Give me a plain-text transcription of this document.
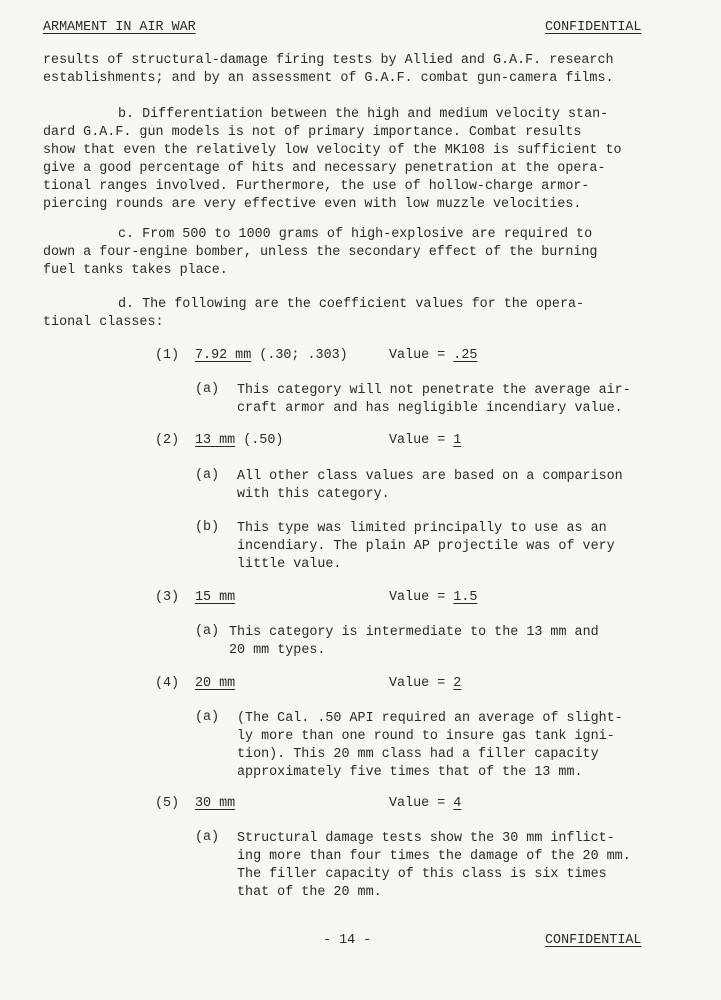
ARMAMENT IN AIR WAR	CONFIDENTIAL
results of structural-damage firing tests by Allied and G.A.F. research
establishments; and by an assessment of G.A.F. combat gun-camera films.
b. Differentiation between the high and medium velocity stan-
dard G.A.F. gun models is not of primary importance. Combat results
show that even the relatively low velocity of the MK108 is sufficient to
give a good percentage of hits and necessary penetration at the opera-
tional ranges involved. Furthermore, the use of hollow-charge armor-
piercing rounds are very effective even with low muzzle velocities.
c. From 500 to 1000 grams of high-explosive are required to
down a four-engine bomber, unless the secondary effect of the burning
fuel tanks takes place.
d. The following are the coefficient values for the opera-
tional classes:
(1) 7.92 mm (.30; .303)	Value = .25
(a) This category will not penetrate the average air-
craft armor and has negligible incendiary value.
(2) 13 mm (.50)	Value = 1
(a) All other class values are based on a comparison
with this category.
(b) This type was limited principally to use as an
incendiary. The plain AP projectile was of very
little value.
(3) 15 mm	Value = 1.5
(a) This category is intermediate to the 13 mm and
20 mm types.
(4) 20 mm	Value = 2
(a) (The Cal. .50 API required an average of slight-
ly more than one round to insure gas tank igni-
tion). This 20 mm class had a filler capacity
approximately five times that of the 13 mm.
(5) 30 mm	Value = 4
(a) Structural damage tests show the 30 mm inflict-
ing more than four times the damage of the 20 mm.
The filler capacity of this class is six times
that of the 20 mm.
- 14 -	CONFIDENTIAL
